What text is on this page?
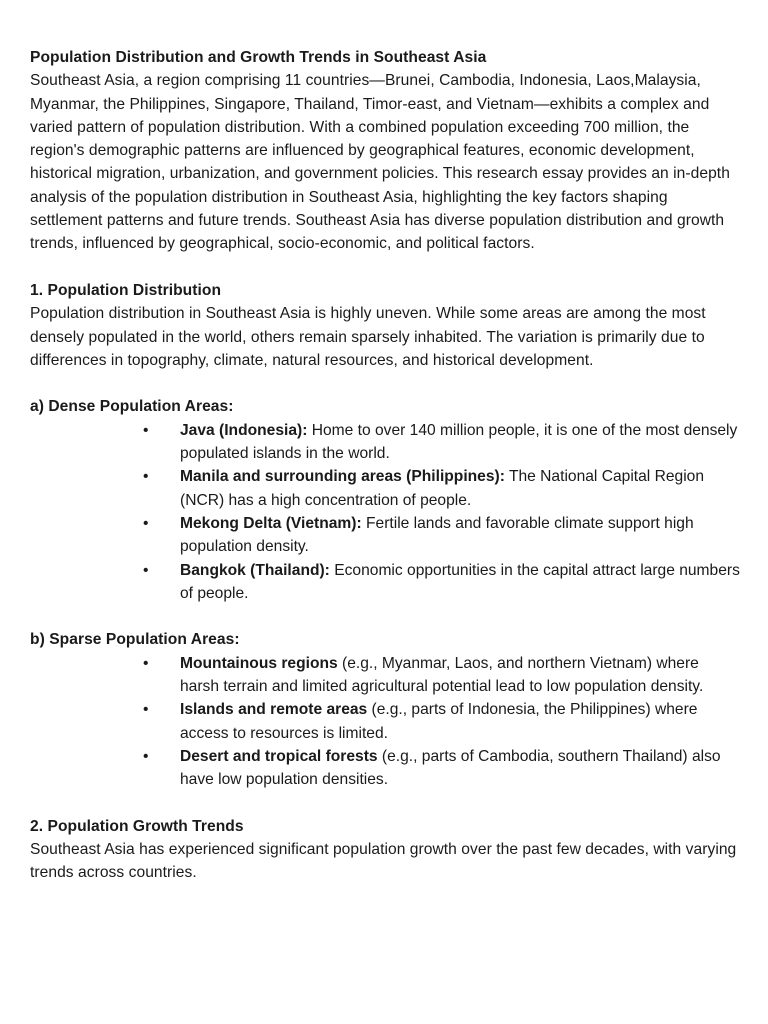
Population Distribution and Growth Trends in Southeast Asia

Southeast Asia, a region comprising 11 countries—Brunei, Cambodia, Indonesia, Laos,Malaysia, Myanmar, the Philippines, Singapore, Thailand, Timor-east, and Vietnam—exhibits a complex and varied pattern of population distribution. With a combined population exceeding 700 million, the region's demographic patterns are influenced by geographical features, economic development, historical migration, urbanization, and government policies. This research essay provides an in-depth analysis of the population distribution in Southeast Asia, highlighting the key factors shaping settlement patterns and future trends. Southeast Asia has diverse population distribution and growth trends, influenced by geographical, socio-economic, and political factors.

1. Population Distribution

Population distribution in Southeast Asia is highly uneven. While some areas are among the most densely populated in the world, others remain sparsely inhabited. The variation is primarily due to differences in topography, climate, natural resources, and historical development.

a) Dense Population Areas:

• Java (Indonesia): Home to over 140 million people, it is one of the most densely populated islands in the world.
• Manila and surrounding areas (Philippines): The National Capital Region (NCR) has a high concentration of people.
• Mekong Delta (Vietnam): Fertile lands and favorable climate support high population density.
• Bangkok (Thailand): Economic opportunities in the capital attract large numbers of people.

b) Sparse Population Areas:

• Mountainous regions (e.g., Myanmar, Laos, and northern Vietnam) where harsh terrain and limited agricultural potential lead to low population density.
• Islands and remote areas (e.g., parts of Indonesia, the Philippines) where access to resources is limited.
• Desert and tropical forests (e.g., parts of Cambodia, southern Thailand) also have low population densities.

2. Population Growth Trends

Southeast Asia has experienced significant population growth over the past few decades, with varying trends across countries.
